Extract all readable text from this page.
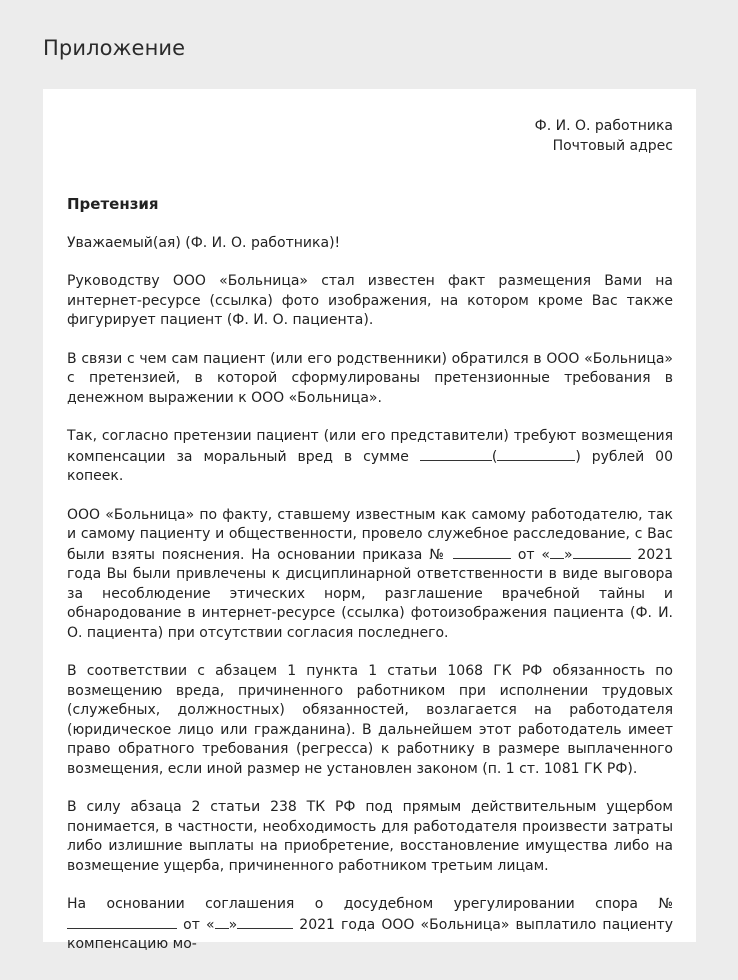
Приложение
Ф. И. О. работника
Почтовый адрес
Претензия
Уважаемый(ая) (Ф. И. О. работника)!

Руководству ООО «Больница» стал известен факт размещения Вами на интернет-ресурсе (ссылка) фото изображения, на котором кроме Вас также фигурирует пациент (Ф. И. О. пациента).

В связи с чем сам пациент (или его родственники) обратился в ООО «Больница» с претензией, в которой сформулированы претензионные требования в денежном выражении к ООО «Больница».

Так, согласно претензии пациент (или его представители) требуют возмещения компенсации за моральный вред в сумме	(	) рублей 00 копеек.

ООО «Больница» по факту, ставшему известным как самому работодателю, так и самому пациенту и общественности, провело служебное расследование, с Вас были взяты пояснения. На основании приказа №	от « »	2021 года Вы были привлечены к дисциплинарной ответственности в виде выговора за несоблюдение этических норм, разглашение врачебной тайны и обнародование в интернет-ресурсе (ссылка) фотоизображения пациента (Ф. И. О. пациента) при отсутствии согласия последнего.

В соответствии с абзацем 1 пункта 1 статьи 1068 ГК РФ обязанность по возмещению вреда, причиненного работником при исполнении трудовых (служебных, должностных) обязанностей, возлагается на работодателя (юридическое лицо или гражданина). В дальнейшем этот работодатель имеет право обратного требования (регресса) к работнику в размере выплаченного возмещения, если иной размер не установлен законом (п. 1 ст. 1081 ГК РФ).

В силу абзаца 2 статьи 238 ТК РФ под прямым действительным ущербом понимается, в частности, необходимость для работодателя произвести затраты либо излишние выплаты на приобретение, восстановление имущества либо на возмещение ущерба, причиненного работником третьим лицам.

На основании соглашения о досудебном урегулировании спора №  от « »	2021 года ООО «Больница» выплатило пациенту компенсацию мо-
